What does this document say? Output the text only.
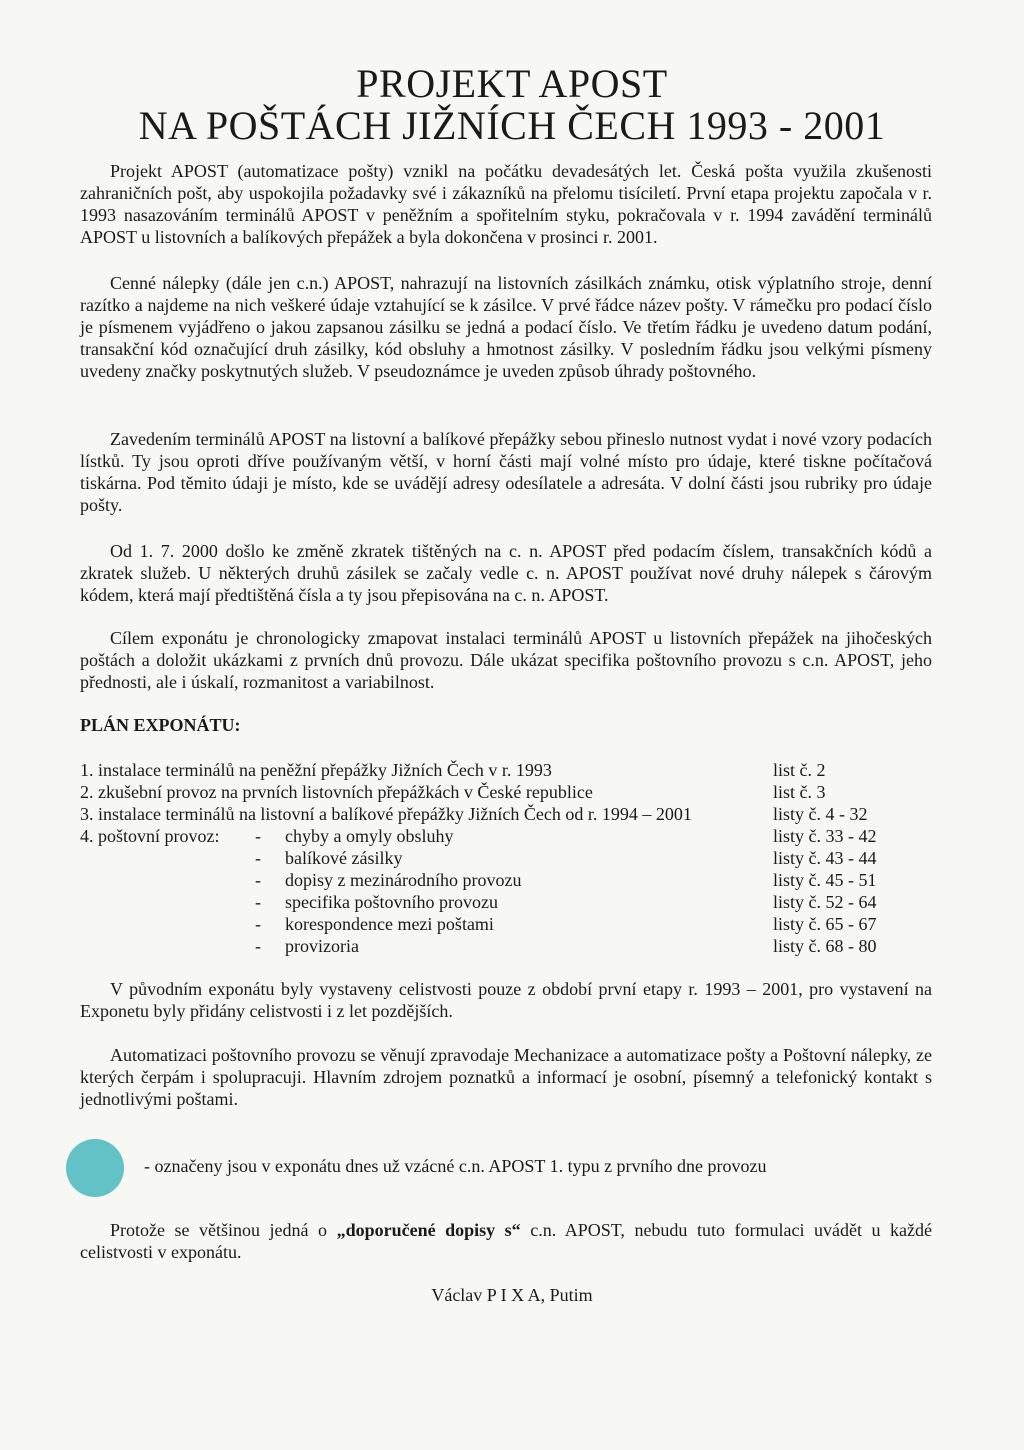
PROJEKT APOST
NA POŠTÁCH JIŽNÍCH ČECH 1993 - 2001
Projekt APOST (automatizace pošty) vznikl na počátku devadesátých let. Česká pošta využila zkušenosti zahraničních pošt, aby uspokojila požadavky své i zákazníků na přelomu tisíciletí. První etapa projektu započala v r. 1993 nasazováním terminálů APOST v peněžním a spořitelním styku, pokračovala v r. 1994 zavádění terminálů APOST u listovních a balíkových přepážek a byla dokončena v prosinci r. 2001.
Cenné nálepky (dále jen c.n.) APOST, nahrazují na listovních zásilkách známku, otisk výplatního stroje, denní razítko a najdeme na nich veškeré údaje vztahující se k zásilce. V prvé řádce název pošty. V rámečku pro podací číslo je písmenem vyjádřeno o jakou zapsanou zásilku se jedná a podací číslo. Ve třetím řádku je uvedeno datum podání, transakční kód označující druh zásilky, kód obsluhy a hmotnost zásilky. V posledním řádku jsou velkými písmeny uvedeny značky poskytnutých služeb. V pseudoznámce je uveden způsob úhrady poštovného.
Zavedením terminálů APOST na listovní a balíkové přepážky sebou přineslo nutnost vydat i nové vzory podacích lístků. Ty jsou oproti dříve používaným větší, v horní části mají volné místo pro údaje, které tiskne počítačová tiskárna. Pod těmito údaji je místo, kde se uvádějí adresy odesílatele a adresáta. V dolní části jsou rubriky pro údaje pošty.
Od 1. 7. 2000 došlo ke změně zkratek tištěných na c. n. APOST před podacím číslem, transakčních kódů a zkratek služeb. U některých druhů zásilek se začaly vedle c. n. APOST používat nové druhy nálepek s čárovým kódem, která mají předtištěná čísla a ty jsou přepisována na c. n. APOST.
Cílem exponátu je chronologicky zmapovat instalaci terminálů APOST u listovních přepážek na jihočeských poštách a doložit ukázkami z prvních dnů provozu. Dále ukázat specifika poštovního provozu s c.n. APOST, jeho přednosti, ale i úskalí, rozmanitost a variabilnost.
PLÁN EXPONÁTU:
1. instalace terminálů na peněžní přepážky Jižních Čech v r. 1993	list č. 2
2. zkušební provoz na prvních listovních přepážkách v České republice	list č. 3
3. instalace terminálů na listovní a balíkové přepážky Jižních Čech od r. 1994 – 2001	listy č. 4 - 32
4. poštovní provoz: - chyby a omyly obsluhy	listy č. 33 - 42
- balíkové zásilky	listy č. 43 - 44
- dopisy z mezinárodního provozu	listy č. 45 - 51
- specifika poštovního provozu	listy č. 52 - 64
- korespondence mezi poštami	listy č. 65 - 67
- provizoria	listy č. 68 - 80
V původním exponátu byly vystaveny celistvosti pouze z období první etapy r. 1993 – 2001, pro vystavení na Exponetu byly přidány celistvosti i z let pozdějších.
Automatizaci poštovního provozu se věnují zpravodaje Mechanizace a automatizace pošty a Poštovní nálepky, ze kterých čerpám i spolupracuji. Hlavním zdrojem poznatků a informací je osobní, písemný a telefonický kontakt s jednotlivými poštami.
- označeny jsou v exponátu dnes už vzácné c.n. APOST 1. typu z prvního dne provozu
Protože se většinou jedná o „doporučené dopisy s“ c.n. APOST, nebudu tuto formulaci uvádět u každé celistvosti v exponátu.
Václav P I X A, Putim
